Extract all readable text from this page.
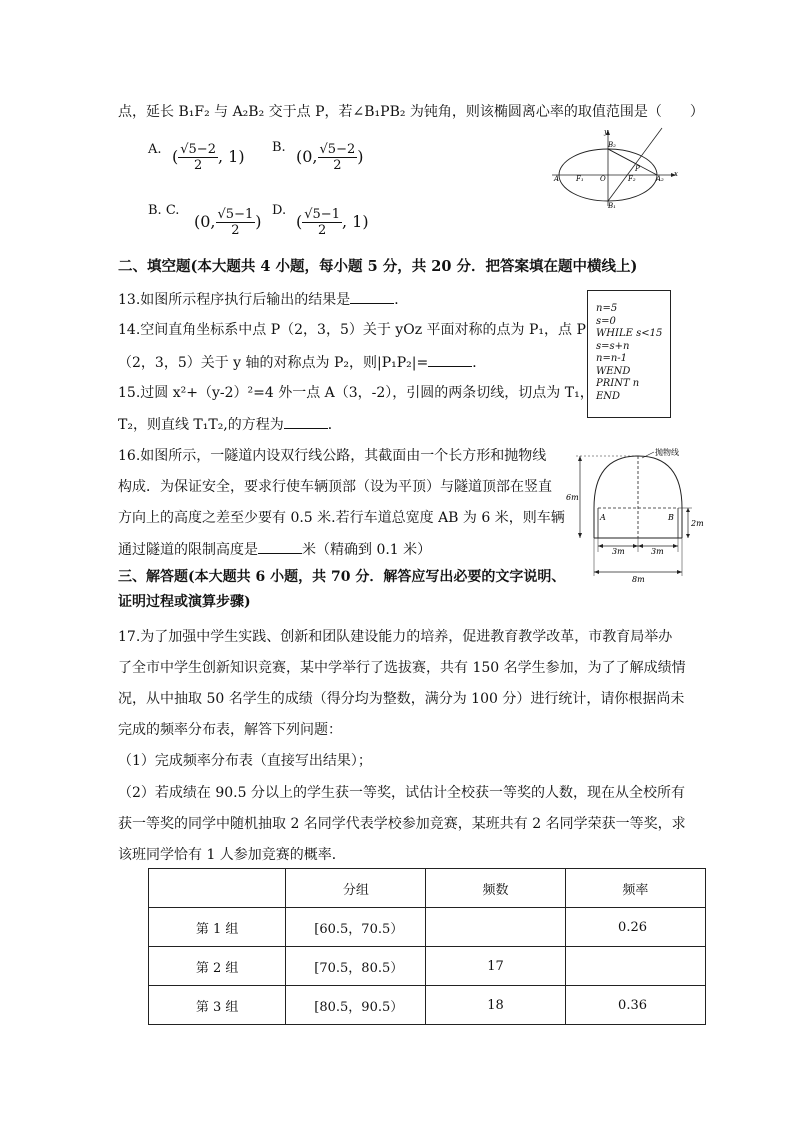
点，延长 B₁F₂ 与 A₂B₂ 交于点 P，若∠B₁PB₂ 为钝角，则该椭圆离心率的取值范围是（　　）
A. ( $\frac{√5-2}{2}$ , 1) B. (0, $\frac{√5-2}{2}$ )
B. C.
(0, $\frac{√5-1}{2}$ )
D.
( $\frac{√5-1}{2}$ , 1)
y
x
O
A	A₂
F₁	F₂
B₂
B₁
P
二、填空题(本大题共 4 小题，每小题 5 分，共 20 分．把答案填在题中横线上)
13.如图所示程序执行后输出的结果是	．
n=5
s=0
WHILE s<15
s=s+n
n=n-1
WEND
PRINT n
END
14.空间直角坐标系中点 P（2，3，5）关于 yOz 平面对称的点为 P₁，点 P
（2，3，5）关于 y 轴的对称点为 P₂，则|P₁P₂|=	．
15.过圆 x²+（y-2）²=4 外一点 A（3，-2），引圆的两条切线，切点为 T₁，
T₂，则直线 T₁T₂,的方程为	．
16.如图所示，一隧道内设双行线公路，其截面由一个长方形和抛物线
构成．为保证安全，要求行使车辆顶部（设为平顶）与隧道顶部在竖直
方向上的高度之差至少要有 0.5 米.若行车道总宽度 AB 为 6 米，则车辆
通过隧道的限制高度是	米（精确到 0.1 米）
6m
2m
A	B
3m	3m
8m
抛物线
三、解答题(本大题共 6 小题，共 70 分．解答应写出必要的文字说明、
证明过程或演算步骤)
17.为了加强中学生实践、创新和团队建设能力的培养，促进教育教学改革，市教育局举办
了全市中学生创新知识竞赛，某中学举行了选拔赛，共有 150 名学生参加，为了了解成绩情
况，从中抽取 50 名学生的成绩（得分均为整数，满分为 100 分）进行统计，请你根据尚未
完成的频率分布表，解答下列问题：
（1）完成频率分布表（直接写出结果）；
（2）若成绩在 90.5 分以上的学生获一等奖，试估计全校获一等奖的人数，现在从全校所有
获一等奖的同学中随机抽取 2 名同学代表学校参加竞赛，某班共有 2 名同学荣获一等奖，求
该班同学恰有 1 人参加竞赛的概率．
	分组	频数	频率
第 1 组	[60.5，70.5）		0.26
第 2 组	[70.5，80.5）	17	
第 3 组	[80.5，90.5）	18	0.36
